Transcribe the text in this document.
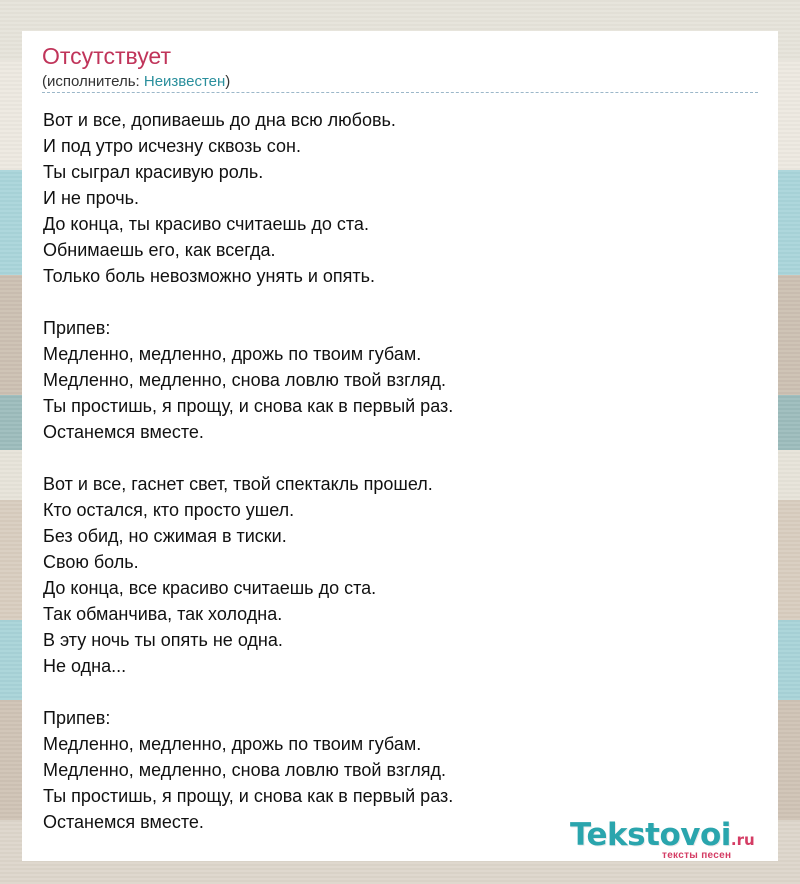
Отсутствует
(исполнитель: Неизвестен)
Вот и все, допиваешь до дна всю любовь.
И под утро исчезну сквозь сон.
Ты сыграл красивую роль.
И не прочь.
До конца, ты красиво считаешь до ста.
Обнимаешь его, как всегда.
Только боль невозможно унять и опять.
Припев:
Медленно, медленно, дрожь по твоим губам.
Медленно, медленно, снова ловлю твой взгляд.
Ты простишь, я прощу, и снова как в первый раз.
Останемся вместе.
Вот и все, гаснет свет, твой спектакль прошел.
Кто остался, кто просто ушел.
Без обид, но сжимая в тиски.
Свою боль.
До конца, все красиво считаешь до ста.
Так обманчива, так холодна.
В эту ночь ты опять не одна.
Не одна...
Припев:
Медленно, медленно, дрожь по твоим губам.
Медленно, медленно, снова ловлю твой взгляд.
Ты простишь, я прощу, и снова как в первый раз.
Останемся вместе.	Tekstovoi.ru
тексты песен
